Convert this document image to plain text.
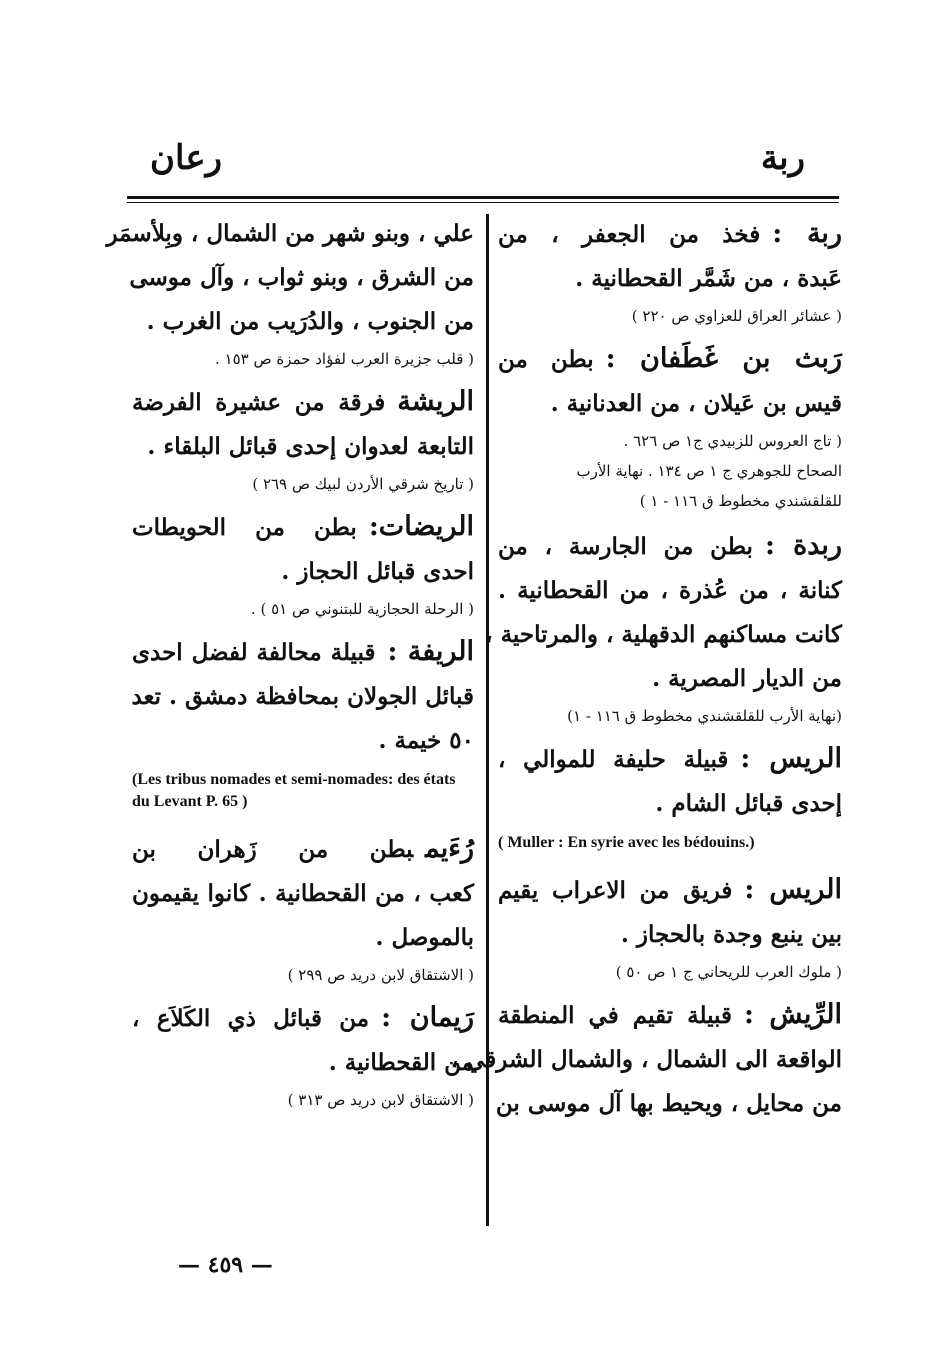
ربة
رعان
ربة :فخذ من الجعفر ، من
عَبدة ، من شَمَّر القحطانية .
( عشائر العراق للعزاوي ص ٢٢٠ )
رَبث بن غَطَفان :بطن من
قيس بن عَيلان ، من العدنانية .
( تاج العروس للزبيدي ج١ ص ٦٢٦ .
الصحاح للجوهري ج ١ ص ١٣٤ . نهاية الأرب
للقلقشندي مخطوط ق ١١٦ - ١ )
ربدة :بطن من الجارسة ، من
كنانة ، من عُذرة ، من القحطانية .
كانت مساكنهم الدقهلية ، والمرتاحية ،
من الديار المصرية .
(نهاية الأرب للقلقشندي مخطوط ق ١١٦ - ١)
الريس :قبيلة حليفة للموالي ،
إحدى قبائل الشام .
( Muller : En syrie avec les bédouins.)
الريس :فريق من الاعراب يقيم
بين ينبع وجدة بالحجاز .
( ملوك العرب للريحاني ج ١ ص ٥٠ )
الرِّيش :قبيلة تقيم في المنطقة
الواقعة الى الشمال ، والشمال الشرقي ،
من محايل ، ويحيط بها آل موسى بن
علي ، وبنو شهر من الشمال ، وبِلأسمَر
من الشرق ، وبنو ثواب ، وآل موسى
من الجنوب ، والدُرَيب من الغرب .
( قلب جزيرة العرب لفؤاد حمزة ص ١٥٣ .
الريشةفرقة من عشيرة الفرضة
التابعة لعدوان إحدى قبائل البلقاء .
( تاريخ شرقي الأردن لبيك ص ٢٦٩ )
الريضات:بطن من الحويطات
احدى قبائل الحجاز .
( الرحلة الحجازية للبتنوني ص ٥١ ) .
الريفة :قبيلة محالفة لفضل احدى
قبائل الجولان بمحافظة دمشق . تعد
٥٠ خيمة .
(Les tribus nomades et semi-nomades: des états du Levant P. 65 )
رُءَيمبطن من زَهران بن
كعب ، من القحطانية . كانوا يقيمون
بالموصل .
( الاشتقاق لابن دريد ص ٢٩٩ )
رَيمان :من قبائل ذي الكَلاَع ،
من القحطانية .
( الاشتقاق لابن دريد ص ٣١٣ )
— ٤٥٩ —
